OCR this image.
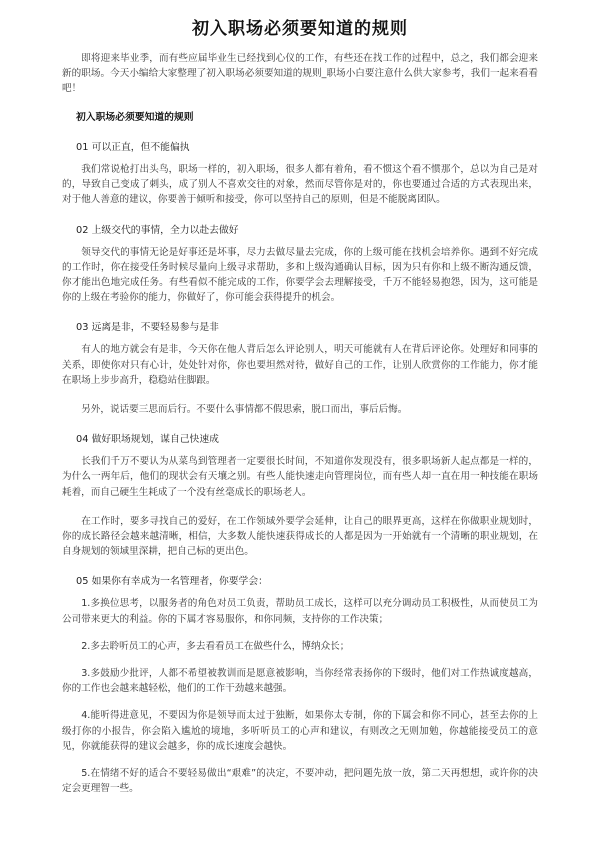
初入职场必须要知道的规则

即将迎来毕业季，而有些应届毕业生已经找到心仪的工作，有些还在找工作的过程中，总之，我们都会迎来新的职场。今天小编给大家整理了初入职场必须要知道的规则_职场小白要注意什么供大家参考，我们一起来看看吧！

初入职场必须要知道的规则
01 可以正直，但不能偏执

我们常说枪打出头鸟，职场一样的，初入职场，很多人都有着角，看不惯这个看不惯那个，总以为自己是对的，导致自己变成了刺头，成了别人不喜欢交往的对象，然而尽管你是对的，你也要通过合适的方式表现出来，对于他人善意的建议，你要善于倾听和接受，你可以坚持自己的原则，但是不能脱离团队。

02 上级交代的事情，全力以赴去做好

领导交代的事情无论是好事还是坏事，尽力去做尽量去完成，你的上级可能在找机会培养你。遇到不好完成的工作时，你在接受任务时候尽量向上级寻求帮助，多和上级沟通确认目标，因为只有你和上级不断沟通反馈，你才能出色地完成任务。有些看似不能完成的工作，你要学会去理解接受，千万不能轻易抱怨，因为，这可能是你的上级在考验你的能力，你做好了，你可能会获得提升的机会。

03 远离是非，不要轻易参与是非

有人的地方就会有是非，今天你在他人背后怎么评论别人，明天可能就有人在背后评论你。处理好和同事的关系，即使你对只有心计，处处针对你，你也要坦然对待，做好自己的工作，让别人欣赏你的工作能力，你才能在职场上步步高升，稳稳站住脚跟。

另外，说话要三思而后行。不要什么事情都不假思索，脱口而出，事后后悔。

04 做好职场规划，谋自己快速成

长我们千万不要认为从菜鸟到管理者一定要很长时间，不知道你发现没有，很多职场新人起点都是一样的，为什么一两年后，他们的现状会有天壤之别。有些人能快速走向管理岗位，而有些人却一直在用一种技能在职场耗着，而自己硬生生耗成了一个没有丝毫成长的职场老人。

在工作时，要多寻找自己的爱好，在工作领域外要学会延伸，让自己的眼界更高，这样在你做职业规划时，你的成长路径会越来越清晰，相信，大多数人能快速获得成长的人都是因为一开始就有一个清晰的职业规划，在自身规划的领域里深耕，把自己标的更出色。

05 如果你有幸成为一名管理者，你要学会：

1.多换位思考，以服务者的角色对员工负责，帮助员工成长，这样可以充分调动员工积极性，从而使员工为公司带来更大的利益。你的下属才容易服你，和你同频，支持你的工作决策；

2.多去聆听员工的心声，多去看看员工在做些什么，博纳众长；

3.多鼓励少批评，人都不希望被教训而是愿意被影响，当你经常表扬你的下级时，他们对工作热诚度越高，你的工作也会越来越轻松，他们的工作干劲越来越强。

4.能听得进意见，不要因为你是领导而太过于独断，如果你太专制，你的下属会和你不同心，甚至去你的上级打你的小报告，你会陷入尴尬的境地，多听听员工的心声和建议，有则改之无则加勉，你越能接受员工的意见，你就能获得的建议会越多，你的成长速度会越快。

5.在情绪不好的适合不要轻易做出“艰难”的决定，不要冲动，把问题先放一放，第二天再想想，或许你的决定会更理智一些。
